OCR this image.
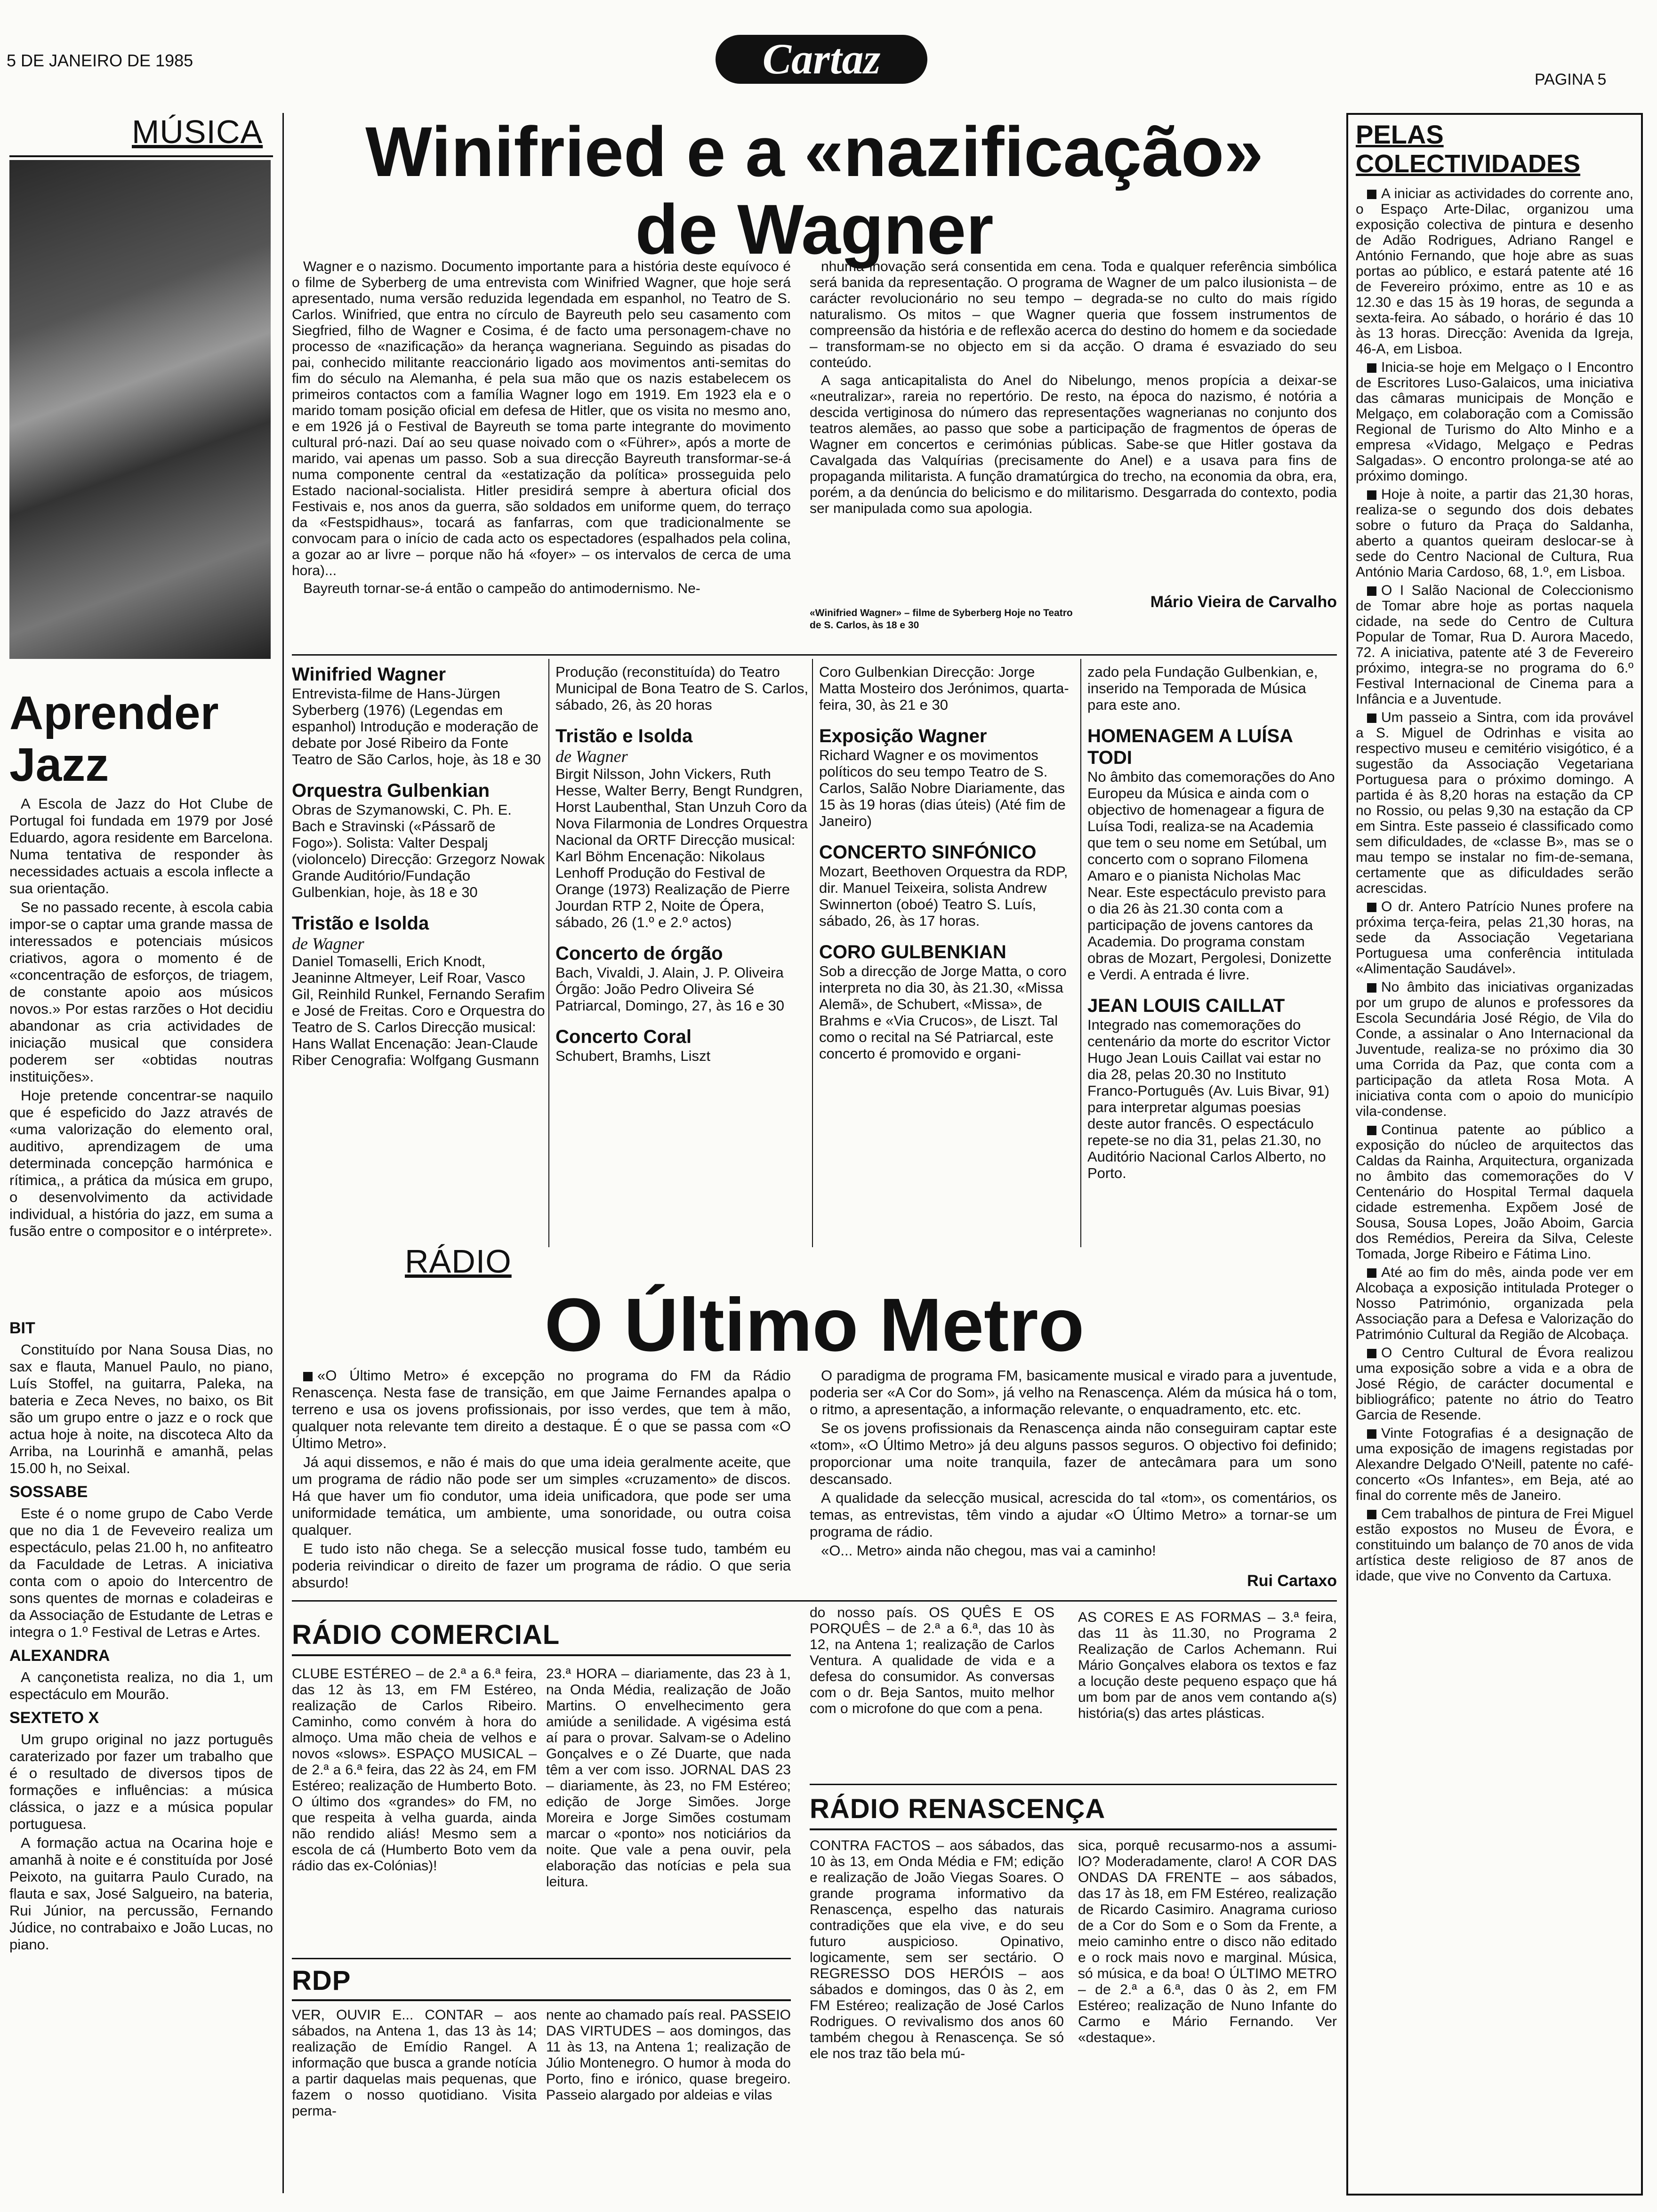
5 DE JANEIRO DE 1985	Cartaz	PAGINA 5
MÚSICA
Aprender Jazz

A Escola de Jazz do Hot Clube de Portugal foi fundada em 1979 por José Eduardo, agora residente em Barcelona. Numa tentativa de responder às necessidades actuais a escola inflecte a sua orientação.

Se no passado recente, à escola cabia impor-se o captar uma grande massa de interessados e potenciais músicos criativos, agora o momento é de «concentração de esforços, de triagem, de constante apoio aos músicos novos.» Por estas rarzões o Hot decidiu abandonar as cria actividades de iniciação musical que considera poderem ser «obtidas noutras instituições».

Hoje pretende concentrar-se naquilo que é espeficido do Jazz através de «uma valorização do elemento oral, auditivo, aprendizagem de uma determinada concepção harmónica e rítimica,, a prática da música em grupo, o desenvolvimento da actividade individual, a história do jazz, em suma a fusão entre o compositor e o intérprete».

BIT

Constituído por Nana Sousa Dias, no sax e flauta, Manuel Paulo, no piano, Luís Stoffel, na guitarra, Paleka, na bateria e Zeca Neves, no baixo, os Bit são um grupo entre o jazz e o rock que actua hoje à noite, na discoteca Alto da Arriba, na Lourinhã e amanhã, pelas 15.00 h, no Seixal.

SOSSABE

Este é o nome grupo de Cabo Verde que no dia 1 de Feveveiro realiza um espectáculo, pelas 21.00 h, no anfiteatro da Faculdade de Letras. A iniciativa conta com o apoio do Intercentro de sons quentes de mornas e coladeiras e da Associação de Estudante de Letras e integra o 1.º Festival de Letras e Artes.

ALEXANDRA

A cançonetista realiza, no dia 1, um espectáculo em Mourão.

SEXTETO X

Um grupo original no jazz português caraterizado por fazer um trabalho que é o resultado de diversos tipos de formações e influências: a música clássica, o jazz e a música popular portuguesa.

A formação actua na Ocarina hoje e amanhã à noite e é constituída por José Peixoto, na guitarra Paulo Curado, na flauta e sax, José Salgueiro, na bateria, Rui Júnior, na percussão, Fernando Júdice, no contrabaixo e João Lucas, no piano.

Winifried e a «nazificação»
de Wagner

Wagner e o nazismo. Documento importante para a história deste equívoco é o filme de Syberberg de uma entrevista com Winifried Wagner, que hoje será apresentado, numa versão reduzida legendada em espanhol, no Teatro de S. Carlos. Winifried, que entra no círculo de Bayreuth pelo seu casamento com Siegfried, filho de Wagner e Cosima, é de facto uma personagem-chave no processo de «nazificação» da herança wagneriana. Seguindo as pisadas do pai, conhecido militante reaccionário ligado aos movimentos anti-semitas do fim do século na Alemanha, é pela sua mão que os nazis estabelecem os primeiros contactos com a família Wagner logo em 1919. Em 1923 ela e o marido tomam posição oficial em defesa de Hitler, que os visita no mesmo ano, e em 1926 já o Festival de Bayreuth se toma parte integrante do movimento cultural pró-nazi. Daí ao seu quase noivado com o «Führer», após a morte de marido, vai apenas um passo. Sob a sua direcção Bayreuth transformar-se-á numa componente central da «estatização da política» prosseguida pelo Estado nacional-socialista. Hitler presidirá sempre à abertura oficial dos Festivais e, nos anos da guerra, são soldados em uniforme quem, do terraço da «Festspidhaus», tocará as fanfarras, com que tradicionalmente se convocam para o início de cada acto os espectadores (espalhados pela colina, a gozar ao ar livre – porque não há «foyer» – os intervalos de cerca de uma hora)...

Bayreuth tornar-se-á então o campeão do antimodernismo. Ne-

nhuma inovação será consentida em cena. Toda e qualquer referência simbólica será banida da representação. O programa de Wagner de um palco ilusionista – de carácter revolucionário no seu tempo – degrada-se no culto do mais rígido naturalismo. Os mitos – que Wagner queria que fossem instrumentos de compreensão da história e de reflexão acerca do destino do homem e da sociedade – transformam-se no objecto em si da acção. O drama é esvaziado do seu conteúdo.

A saga anticapitalista do Anel do Nibelungo, menos propícia a deixar-se «neutralizar», rareia no repertório. De resto, na época do nazismo, é notória a descida vertiginosa do número das representações wagnerianas no conjunto dos teatros alemães, ao passo que sobe a participação de fragmentos de óperas de Wagner em concertos e cerimónias públicas. Sabe-se que Hitler gostava da Cavalgada das Valquírias (precisamente do Anel) e a usava para fins de propaganda militarista. A função dramatúrgica do trecho, na economia da obra, era, porém, a da denúncia do belicismo e do militarismo. Desgarrada do contexto, podia ser manipulada como sua apologia.

«Winifried Wagner» – filme de Syberberg Hoje no Teatro de S. Carlos, às 18 e 30
Mário Vieira de Carvalho
Winifried Wagner
Entrevista-filme de Hans-Jürgen Syberberg (1976) (Legendas em espanhol) Introdução e moderação de debate por José Ribeiro da Fonte Teatro de São Carlos, hoje, às 18 e 30
Orquestra Gulbenkian
Obras de Szymanowski, C. Ph. E. Bach e Stravinski («Pássarõ de Fogo»). Solista: Valter Despalj (violoncelo) Direcção: Grzegorz Nowak Grande Auditório/Fundação Gulbenkian, hoje, às 18 e 30
Tristão e Isolda
de Wagner
Daniel Tomaselli, Erich Knodt, Jeaninne Altmeyer, Leif Roar, Vasco Gil, Reinhild Runkel, Fernando Serafim e José de Freitas. Coro e Orquestra do Teatro de S. Carlos Direcção musical: Hans Wallat Encenação: Jean-Claude Riber Cenografia: Wolfgang Gusmann
Produção (reconstituída) do Teatro Municipal de Bona Teatro de S. Carlos, sábado, 26, às 20 horas
Tristão e Isolda
de Wagner
Birgit Nilsson, John Vickers, Ruth Hesse, Walter Berry, Bengt Rundgren, Horst Laubenthal, Stan Unzuh Coro da Nova Filarmonia de Londres Orquestra Nacional da ORTF Direcção musical: Karl Böhm Encenação: Nikolaus Lenhoff Produção do Festival de Orange (1973) Realização de Pierre Jourdan RTP 2, Noite de Ópera, sábado, 26 (1.º e 2.º actos)
Concerto de órgão
Bach, Vivaldi, J. Alain, J. P. Oliveira Órgão: João Pedro Oliveira Sé Patriarcal, Domingo, 27, às 16 e 30
Concerto Coral
Schubert, Bramhs, Liszt
Coro Gulbenkian Direcção: Jorge Matta Mosteiro dos Jerónimos, quarta-feira, 30, às 21 e 30
Exposição Wagner
Richard Wagner e os movimentos políticos do seu tempo Teatro de S. Carlos, Salão Nobre Diariamente, das 15 às 19 horas (dias úteis) (Até fim de Janeiro)
CONCERTO SINFÓNICO
Mozart, Beethoven Orquestra da RDP, dir. Manuel Teixeira, solista Andrew Swinnerton (oboé) Teatro S. Luís, sábado, 26, às 17 horas.
CORO GULBENKIAN
Sob a direcção de Jorge Matta, o coro interpreta no dia 30, às 21.30, «Missa Alemã», de Schubert, «Missa», de Brahms e «Via Crucos», de Liszt. Tal como o recital na Sé Patriarcal, este concerto é promovido e organi-
zado pela Fundação Gulbenkian, e, inserido na Temporada de Música para este ano.
HOMENAGEM A LUÍSA TODI
No âmbito das comemorações do Ano Europeu da Música e ainda com o objectivo de homenagear a figura de Luísa Todi, realiza-se na Academia que tem o seu nome em Setúbal, um concerto com o soprano Filomena Amaro e o pianista Nicholas Mac Near. Este espectáculo previsto para o dia 26 às 21.30 conta com a participação de jovens cantores da Academia. Do programa constam obras de Mozart, Pergolesi, Donizette e Verdi. A entrada é livre.
JEAN LOUIS CAILLAT
Integrado nas comemorações do centenário da morte do escritor Victor Hugo Jean Louis Caillat vai estar no dia 28, pelas 20.30 no Instituto Franco-Português (Av. Luis Bivar, 91) para interpretar algumas poesias deste autor francês. O espectáculo repete-se no dia 31, pelas 21.30, no Auditório Nacional Carlos Alberto, no Porto.
RÁDIO
O Último Metro

«O Último Metro» é excepção no programa do FM da Rádio Renascença. Nesta fase de transição, em que Jaime Fernandes apalpa o terreno e usa os jovens profissionais, por isso verdes, que tem à mão, qualquer nota relevante tem direito a destaque. É o que se passa com «O Último Metro».

Já aqui dissemos, e não é mais do que uma ideia geralmente aceite, que um programa de rádio não pode ser um simples «cruzamento» de discos. Há que haver um fio condutor, uma ideia unificadora, que pode ser uma uniformidade temática, um ambiente, uma sonoridade, ou outra coisa qualquer.

E tudo isto não chega. Se a selecção musical fosse tudo, também eu poderia reivindicar o direito de fazer um programa de rádio. O que seria absurdo!

O paradigma de programa FM, basicamente musical e virado para a juventude, poderia ser «A Cor do Som», já velho na Renascença. Além da música há o tom, o ritmo, a apresentação, a informação relevante, o enquadramento, etc. etc.

Se os jovens profissionais da Renascença ainda não conseguiram captar este «tom», «O Último Metro» já deu alguns passos seguros. O objectivo foi definido; proporcionar uma noite tranquila, fazer de antecâmara para um sono descansado.

A qualidade da selecção musical, acrescida do tal «tom», os comentários, os temas, as entrevistas, têm vindo a ajudar «O Último Metro» a tornar-se um programa de rádio.

«O... Metro» ainda não chegou, mas vai a caminho!

Rui Cartaxo
RÁDIO COMERCIAL
CLUBE ESTÉREO – de 2.ª a 6.ª feira, das 12 às 13, em FM Estéreo, realização de Carlos Ribeiro. Caminho, como convém à hora do almoço. Uma mão cheia de velhos e novos «slows». ESPAÇO MUSICAL – de 2.ª a 6.ª feira, das 22 às 24, em FM Estéreo; realização de Humberto Boto. O último dos «grandes» do FM, no que respeita à velha guarda, ainda não rendido aliás! Mesmo sem a escola de cá (Humberto Boto vem da rádio das ex-Colónias)!
23.ª HORA – diariamente, das 23 à 1, na Onda Média, realização de João Martins. O envelhecimento gera amiúde a senilidade. A vigésima está aí para o provar. Salvam-se o Adelino Gonçalves e o Zé Duarte, que nada têm a ver com isso. JORNAL DAS 23 – diariamente, às 23, no FM Estéreo; edição de Jorge Simões. Jorge Moreira e Jorge Simões costumam marcar o «ponto» nos noticiários da noite. Que vale a pena ouvir, pela elaboração das notícias e pela sua leitura.
do nosso país. OS QUÊS E OS PORQUÊS – de 2.ª a 6.ª, das 10 às 12, na Antena 1; realização de Carlos Ventura. A qualidade de vida e a defesa do consumidor. As conversas com o dr. Beja Santos, muito melhor com o microfone do que com a pena.
AS CORES E AS FORMAS – 3.ª feira, das 11 às 11.30, no Programa 2 Realização de Carlos Achemann. Rui Mário Gonçalves elabora os textos e faz a locução deste pequeno espaço que há um bom par de anos vem contando a(s) história(s) das artes plásticas.
RDP
VER, OUVIR E... CONTAR – aos sábados, na Antena 1, das 13 às 14; realização de Emídio Rangel. A informação que busca a grande notícia a partir daquelas mais pequenas, que fazem o nosso quotidiano. Visita perma-
nente ao chamado país real. PASSEIO DAS VIRTUDES – aos domingos, das 11 às 13, na Antena 1; realização de Júlio Montenegro. O humor à moda do Porto, fino e irónico, quase bregeiro. Passeio alargado por aldeias e vilas
RÁDIO RENASCENÇA
CONTRA FACTOS – aos sábados, das 10 às 13, em Onda Média e FM; edição e realização de João Viegas Soares. O grande programa informativo da Renascença, espelho das naturais contradições que ela vive, e do seu futuro auspicioso. Opinativo, logicamente, sem ser sectário. O REGRESSO DOS HERÓIS – aos sábados e domingos, das 0 às 2, em FM Estéreo; realização de José Carlos Rodrigues. O revivalismo dos anos 60 também chegou à Renascença. Se só ele nos traz tão bela mú-
sica, porquê recusarmo-nos a assumi-lO? Moderadamente, claro! A COR DAS ONDAS DA FRENTE – aos sábados, das 17 às 18, em FM Estéreo, realização de Ricardo Casimiro. Anagrama curioso de a Cor do Som e o Som da Frente, a meio caminho entre o disco não editado e o rock mais novo e marginal. Música, só música, e da boa! O ÚLTIMO METRO – de 2.ª a 6.ª, das 0 às 2, em FM Estéreo; realização de Nuno Infante do Carmo e Mário Fernando. Ver «destaque».
PELAS
COLECTIVIDADES

A iniciar as actividades do corrente ano, o Espaço Arte-Dilac, organizou uma exposição colectiva de pintura e desenho de Adão Rodrigues, Adriano Rangel e António Fernando, que hoje abre as suas portas ao público, e estará patente até 16 de Fevereiro próximo, entre as 10 e as 12.30 e das 15 às 19 horas, de segunda a sexta-feira. Ao sábado, o horário é das 10 às 13 horas. Direcção: Avenida da Igreja, 46-A, em Lisboa.

Inicia-se hoje em Melgaço o I Encontro de Escritores Luso-Galaicos, uma iniciativa das câmaras municipais de Monção e Melgaço, em colaboração com a Comissão Regional de Turismo do Alto Minho e a empresa «Vidago, Melgaço e Pedras Salgadas». O encontro prolonga-se até ao próximo domingo.

Hoje à noite, a partir das 21,30 horas, realiza-se o segundo dos dois debates sobre o futuro da Praça do Saldanha, aberto a quantos queiram deslocar-se à sede do Centro Nacional de Cultura, Rua António Maria Cardoso, 68, 1.º, em Lisboa.

O I Salão Nacional de Coleccionismo de Tomar abre hoje as portas naquela cidade, na sede do Centro de Cultura Popular de Tomar, Rua D. Aurora Macedo, 72. A iniciativa, patente até 3 de Fevereiro próximo, integra-se no programa do 6.º Festival Internacional de Cinema para a Infância e a Juventude.

Um passeio a Sintra, com ida provável a S. Miguel de Odrinhas e visita ao respectivo museu e cemitério visigótico, é a sugestão da Associação Vegetariana Portuguesa para o próximo domingo. A partida é às 8,20 horas na estação da CP no Rossio, ou pelas 9,30 na estação da CP em Sintra. Este passeio é classificado como sem dificuldades, de «classe B», mas se o mau tempo se instalar no fim-de-semana, certamente que as dificuldades serão acrescidas.

O dr. Antero Patrício Nunes profere na próxima terça-feira, pelas 21,30 horas, na sede da Associação Vegetariana Portuguesa uma conferência intitulada «Alimentação Saudável».

No âmbito das iniciativas organizadas por um grupo de alunos e professores da Escola Secundária José Régio, de Vila do Conde, a assinalar o Ano Internacional da Juventude, realiza-se no próximo dia 30 uma Corrida da Paz, que conta com a participação da atleta Rosa Mota. A iniciativa conta com o apoio do município vila-condense.

Continua patente ao público a exposição do núcleo de arquitectos das Caldas da Rainha, Arquitectura, organizada no âmbito das comemorações do V Centenário do Hospital Termal daquela cidade estremenha. Expõem José de Sousa, Sousa Lopes, João Aboim, Garcia dos Remédios, Pereira da Silva, Celeste Tomada, Jorge Ribeiro e Fátima Lino.

Até ao fim do mês, ainda pode ver em Alcobaça a exposição intitulada Proteger o Nosso Património, organizada pela Associação para a Defesa e Valorização do Património Cultural da Região de Alcobaça.

O Centro Cultural de Évora realizou uma exposição sobre a vida e a obra de José Régio, de carácter documental e bibliográfico; patente no átrio do Teatro Garcia de Resende.

Vinte Fotografias é a designação de uma exposição de imagens registadas por Alexandre Delgado O'Neill, patente no café-concerto «Os Infantes», em Beja, até ao final do corrente mês de Janeiro.

Cem trabalhos de pintura de Frei Miguel estão expostos no Museu de Évora, e constituindo um balanço de 70 anos de vida artística deste religioso de 87 anos de idade, que vive no Convento da Cartuxa.
